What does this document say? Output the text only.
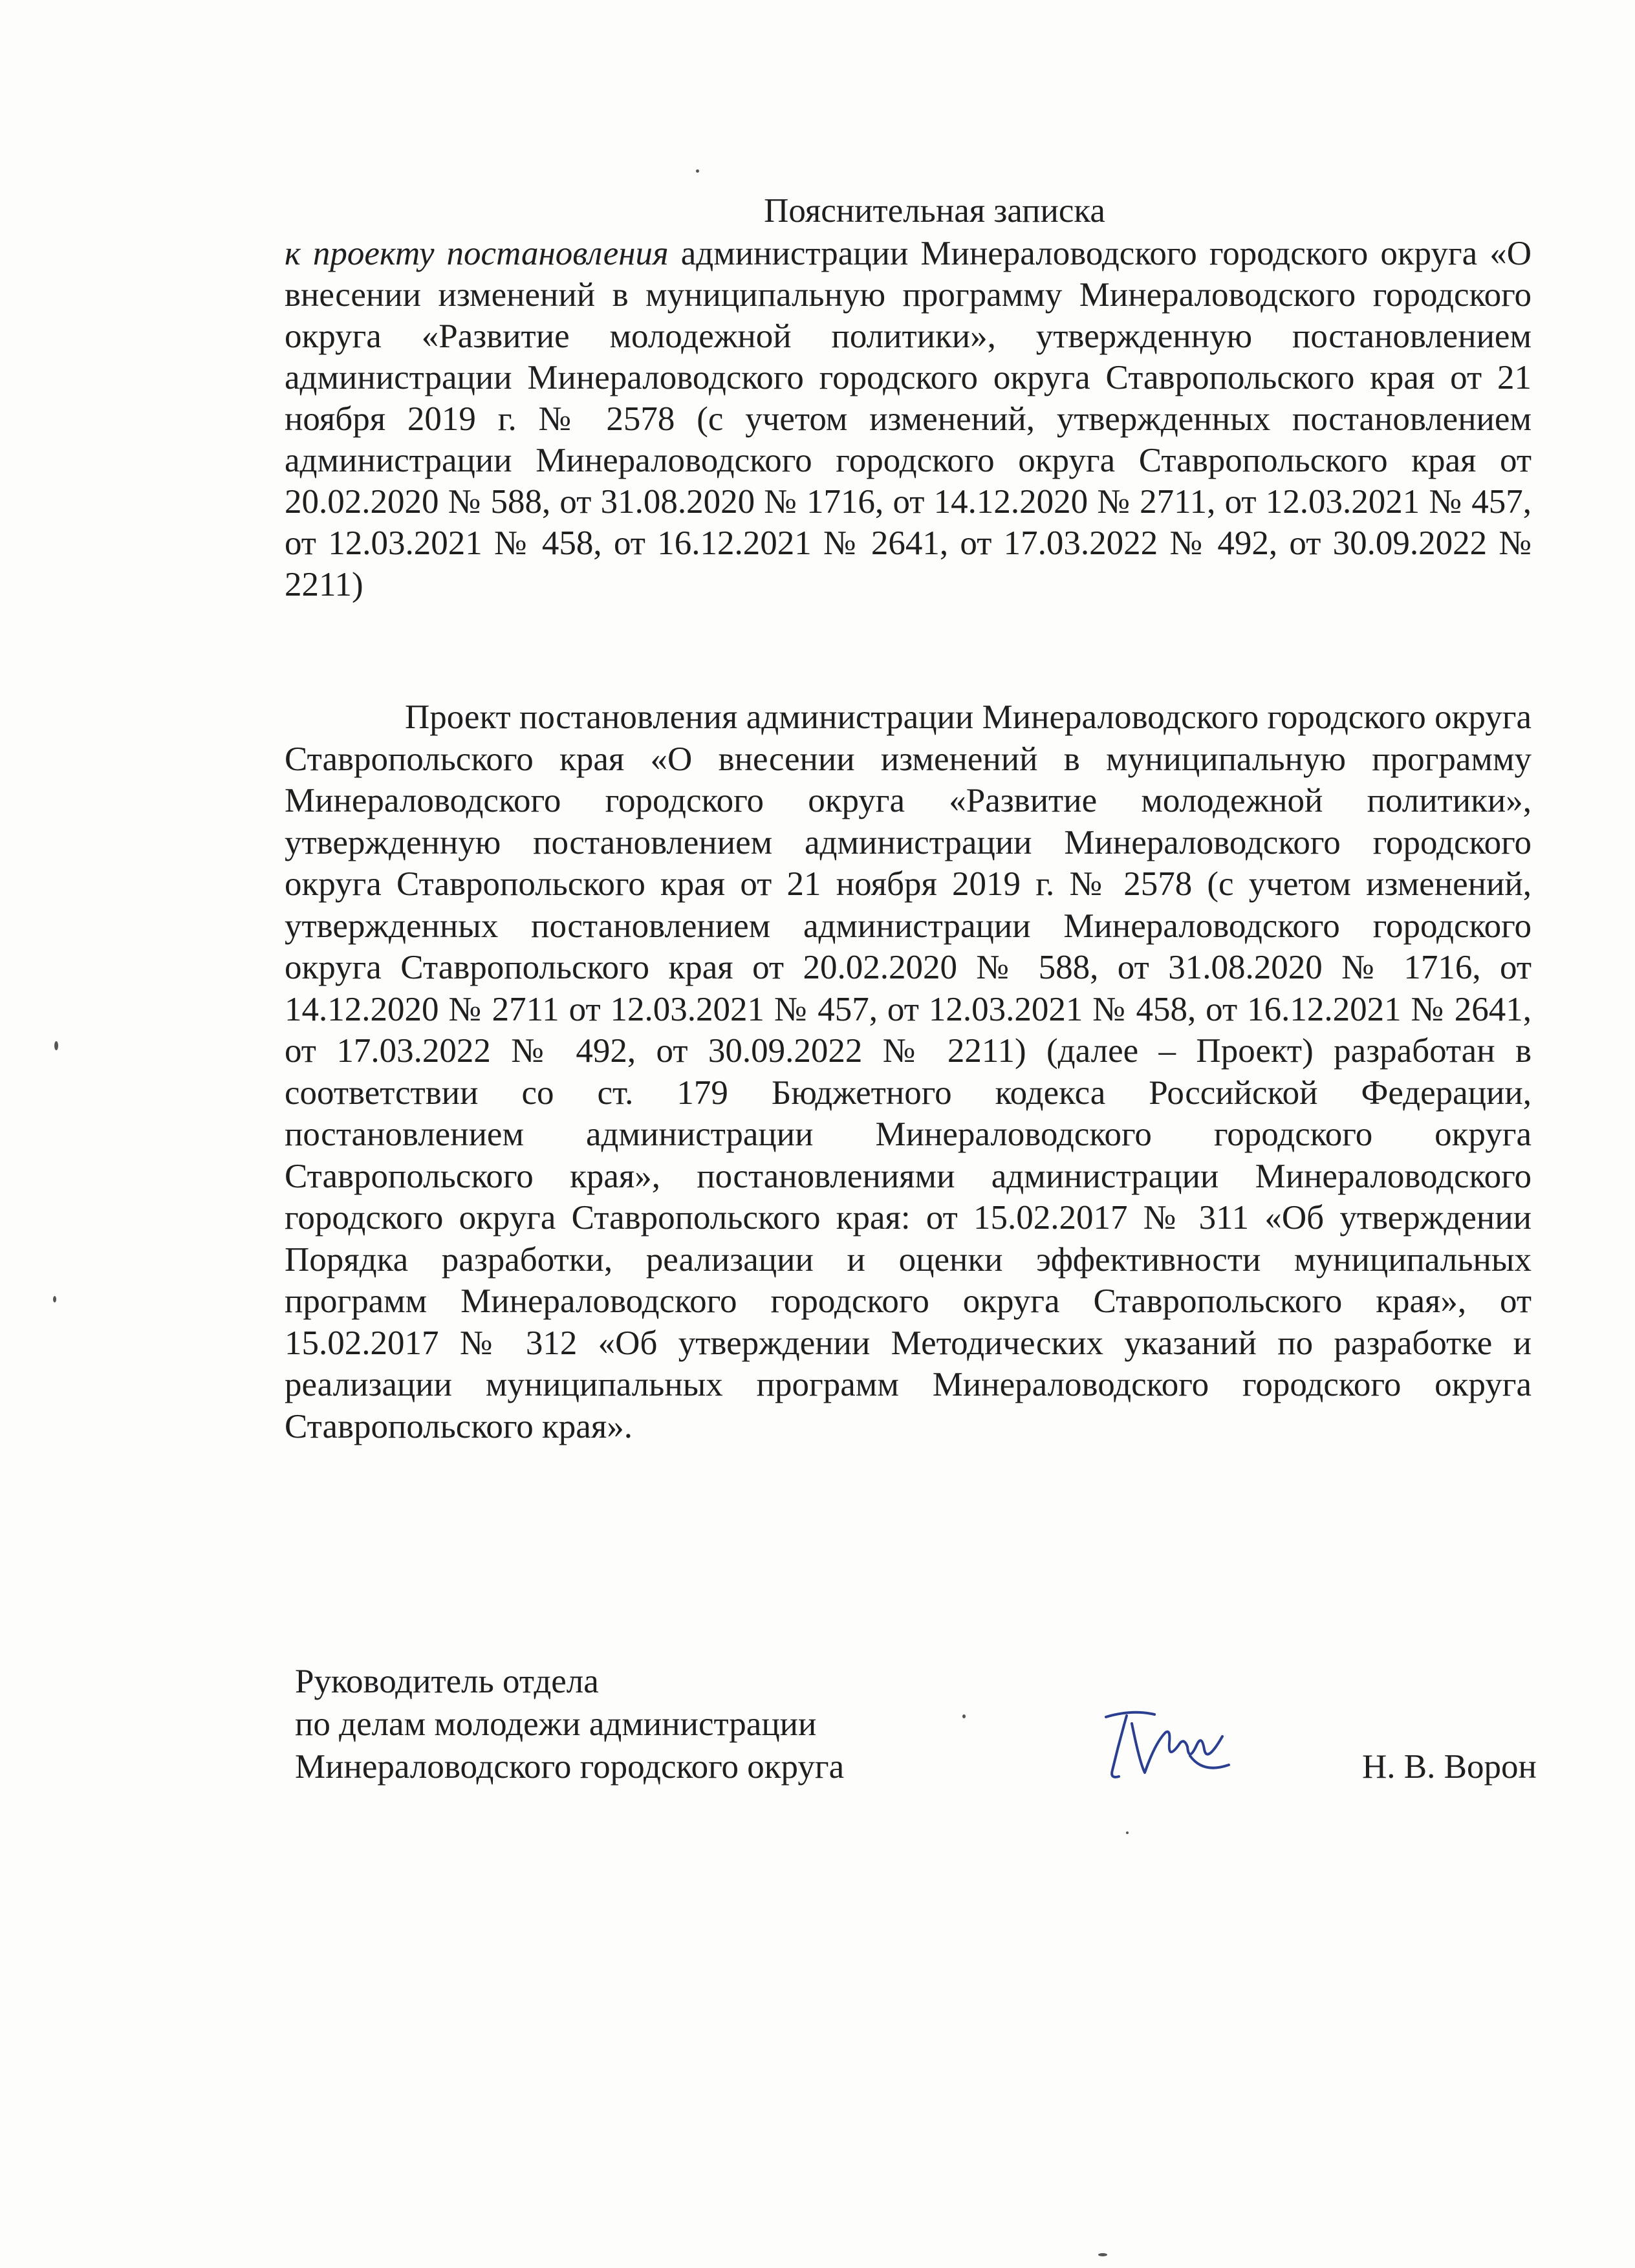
Пояснительная записка

к проекту постановления администрации Минераловодского городского округа «О внесении изменений в муниципальную программу Минераловодского городского округа «Развитие молодежной политики», утвержденную постановлением администрации Минераловодского городского округа Ставропольского края от 21 ноября 2019 г. № 2578 (с учетом изменений, утвержденных постановлением администрации Минераловодского городского округа Ставропольского края от 20.02.2020 № 588, от 31.08.2020 № 1716, от 14.12.2020 № 2711, от 12.03.2021 № 457, от 12.03.2021 № 458, от 16.12.2021 № 2641, от 17.03.2022 № 492, от 30.09.2022 № 2211)

Проект постановления администрации Минераловодского городского округа Ставропольского края «О внесении изменений в муниципальную программу Минераловодского городского округа «Развитие молодежной политики», утвержденную постановлением администрации Минераловодского городского округа Ставропольского края от 21 ноября 2019 г. № 2578 (с учетом изменений, утвержденных постановлением администрации Минераловодского городского округа Ставропольского края от 20.02.2020 № 588, от 31.08.2020 № 1716, от 14.12.2020 № 2711 от 12.03.2021 № 457, от 12.03.2021 № 458, от 16.12.2021 № 2641, от 17.03.2022 № 492, от 30.09.2022 № 2211) (далее – Проект) разработан в соответствии со ст. 179 Бюджетного кодекса Российской Федерации, постановлением администрации Минераловодского городского округа Ставропольского края», постановлениями администрации Минераловодского городского округа Ставропольского края: от 15.02.2017 № 311 «Об утверждении Порядка разработки, реализации и оценки эффективности муниципальных программ Минераловодского городского округа Ставропольского края», от 15.02.2017 № 312 «Об утверждении Методических указаний по разработке и реализации муниципальных программ Минераловодского городского округа Ставропольского края».

Руководитель отдела
по делам молодежи администрации
Минераловодского городского округа	Н. В. Ворон
